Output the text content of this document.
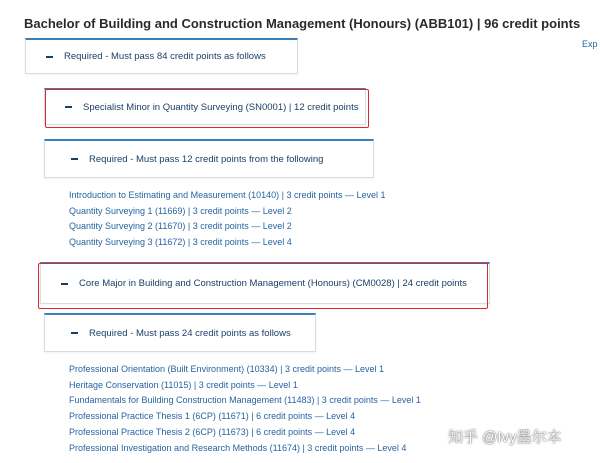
Bachelor of Building and Construction Management (Honours) (ABB101) | 96 credit points
Exp
Required - Must pass 84 credit points as follows
Specialist Minor in Quantity Surveying (SN0001) | 12 credit points
Required - Must pass 12 credit points from the following
Introduction to Estimating and Measurement (10140) | 3 credit points — Level 1
Quantity Surveying 1 (11669) | 3 credit points — Level 2
Quantity Surveying 2 (11670) | 3 credit points — Level 2
Quantity Surveying 3 (11672) | 3 credit points — Level 4
Core Major in Building and Construction Management (Honours) (CM0028) | 24 credit points
Required - Must pass 24 credit points as follows
Professional Orientation (Built Environment) (10334) | 3 credit points — Level 1
Heritage Conservation (11015) | 3 credit points — Level 1
Fundamentals for Building Construction Management (11483) | 3 credit points — Level 1
Professional Practice Thesis 1 (6CP) (11671) | 6 credit points — Level 4
Professional Practice Thesis 2 (6CP) (11673) | 6 credit points — Level 4
Professional Investigation and Research Methods (11674) | 3 credit points — Level 4
知乎 @Ivy墨尔本
